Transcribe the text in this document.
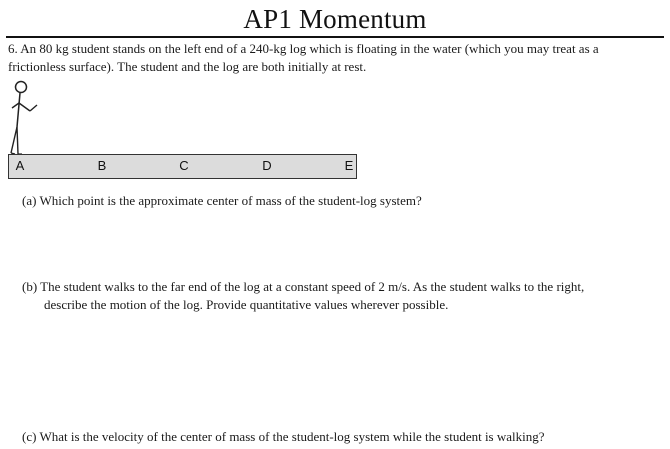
AP1 Momentum
6. An 80 kg student stands on the left end of a 240-kg log which is floating in the water (which you may treat as a frictionless surface). The student and the log are both initially at rest.
A	B	C	D	E
(a) Which point is the approximate center of mass of the student-log system?
(b) The student walks to the far end of the log at a constant speed of 2 m/s. As the student walks to the right,
describe the motion of the log. Provide quantitative values wherever possible.
(c) What is the velocity of the center of mass of the student-log system while the student is walking?
